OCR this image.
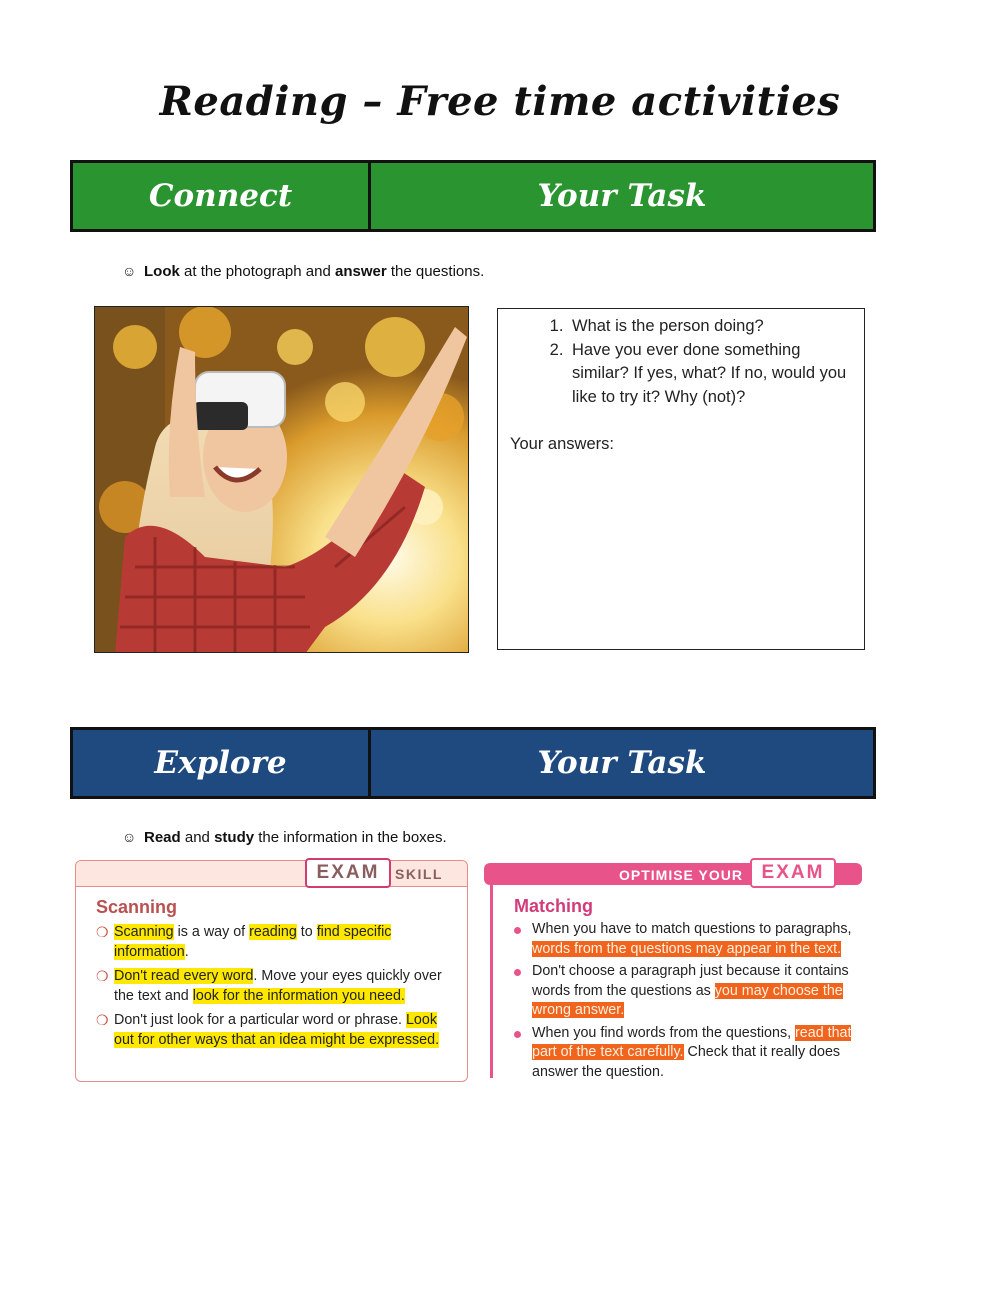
Reading – Free time activities
Connect	Your Task
☺ Look at the photograph and answer the questions.
1. What is the person doing?
2. Have you ever done something similar? If yes, what? If no, would you like to try it? Why (not)?
Your answers:
Explore	Your Task
☺ Read and study the information in the boxes.
EXAM	SKILL
Scanning
❍ Scanning is a way of reading to find specific information.
❍ Don't read every word. Move your eyes quickly over the text and look for the information you need.
❍ Don't just look for a particular word or phrase. Look out for other ways that an idea might be expressed.
OPTIMISE YOUR EXAM
Matching
When you have to match questions to paragraphs, words from the questions may appear in the text.
Don't choose a paragraph just because it contains words from the questions as you may choose the wrong answer.
When you find words from the questions, read that part of the text carefully. Check that it really does answer the question.
